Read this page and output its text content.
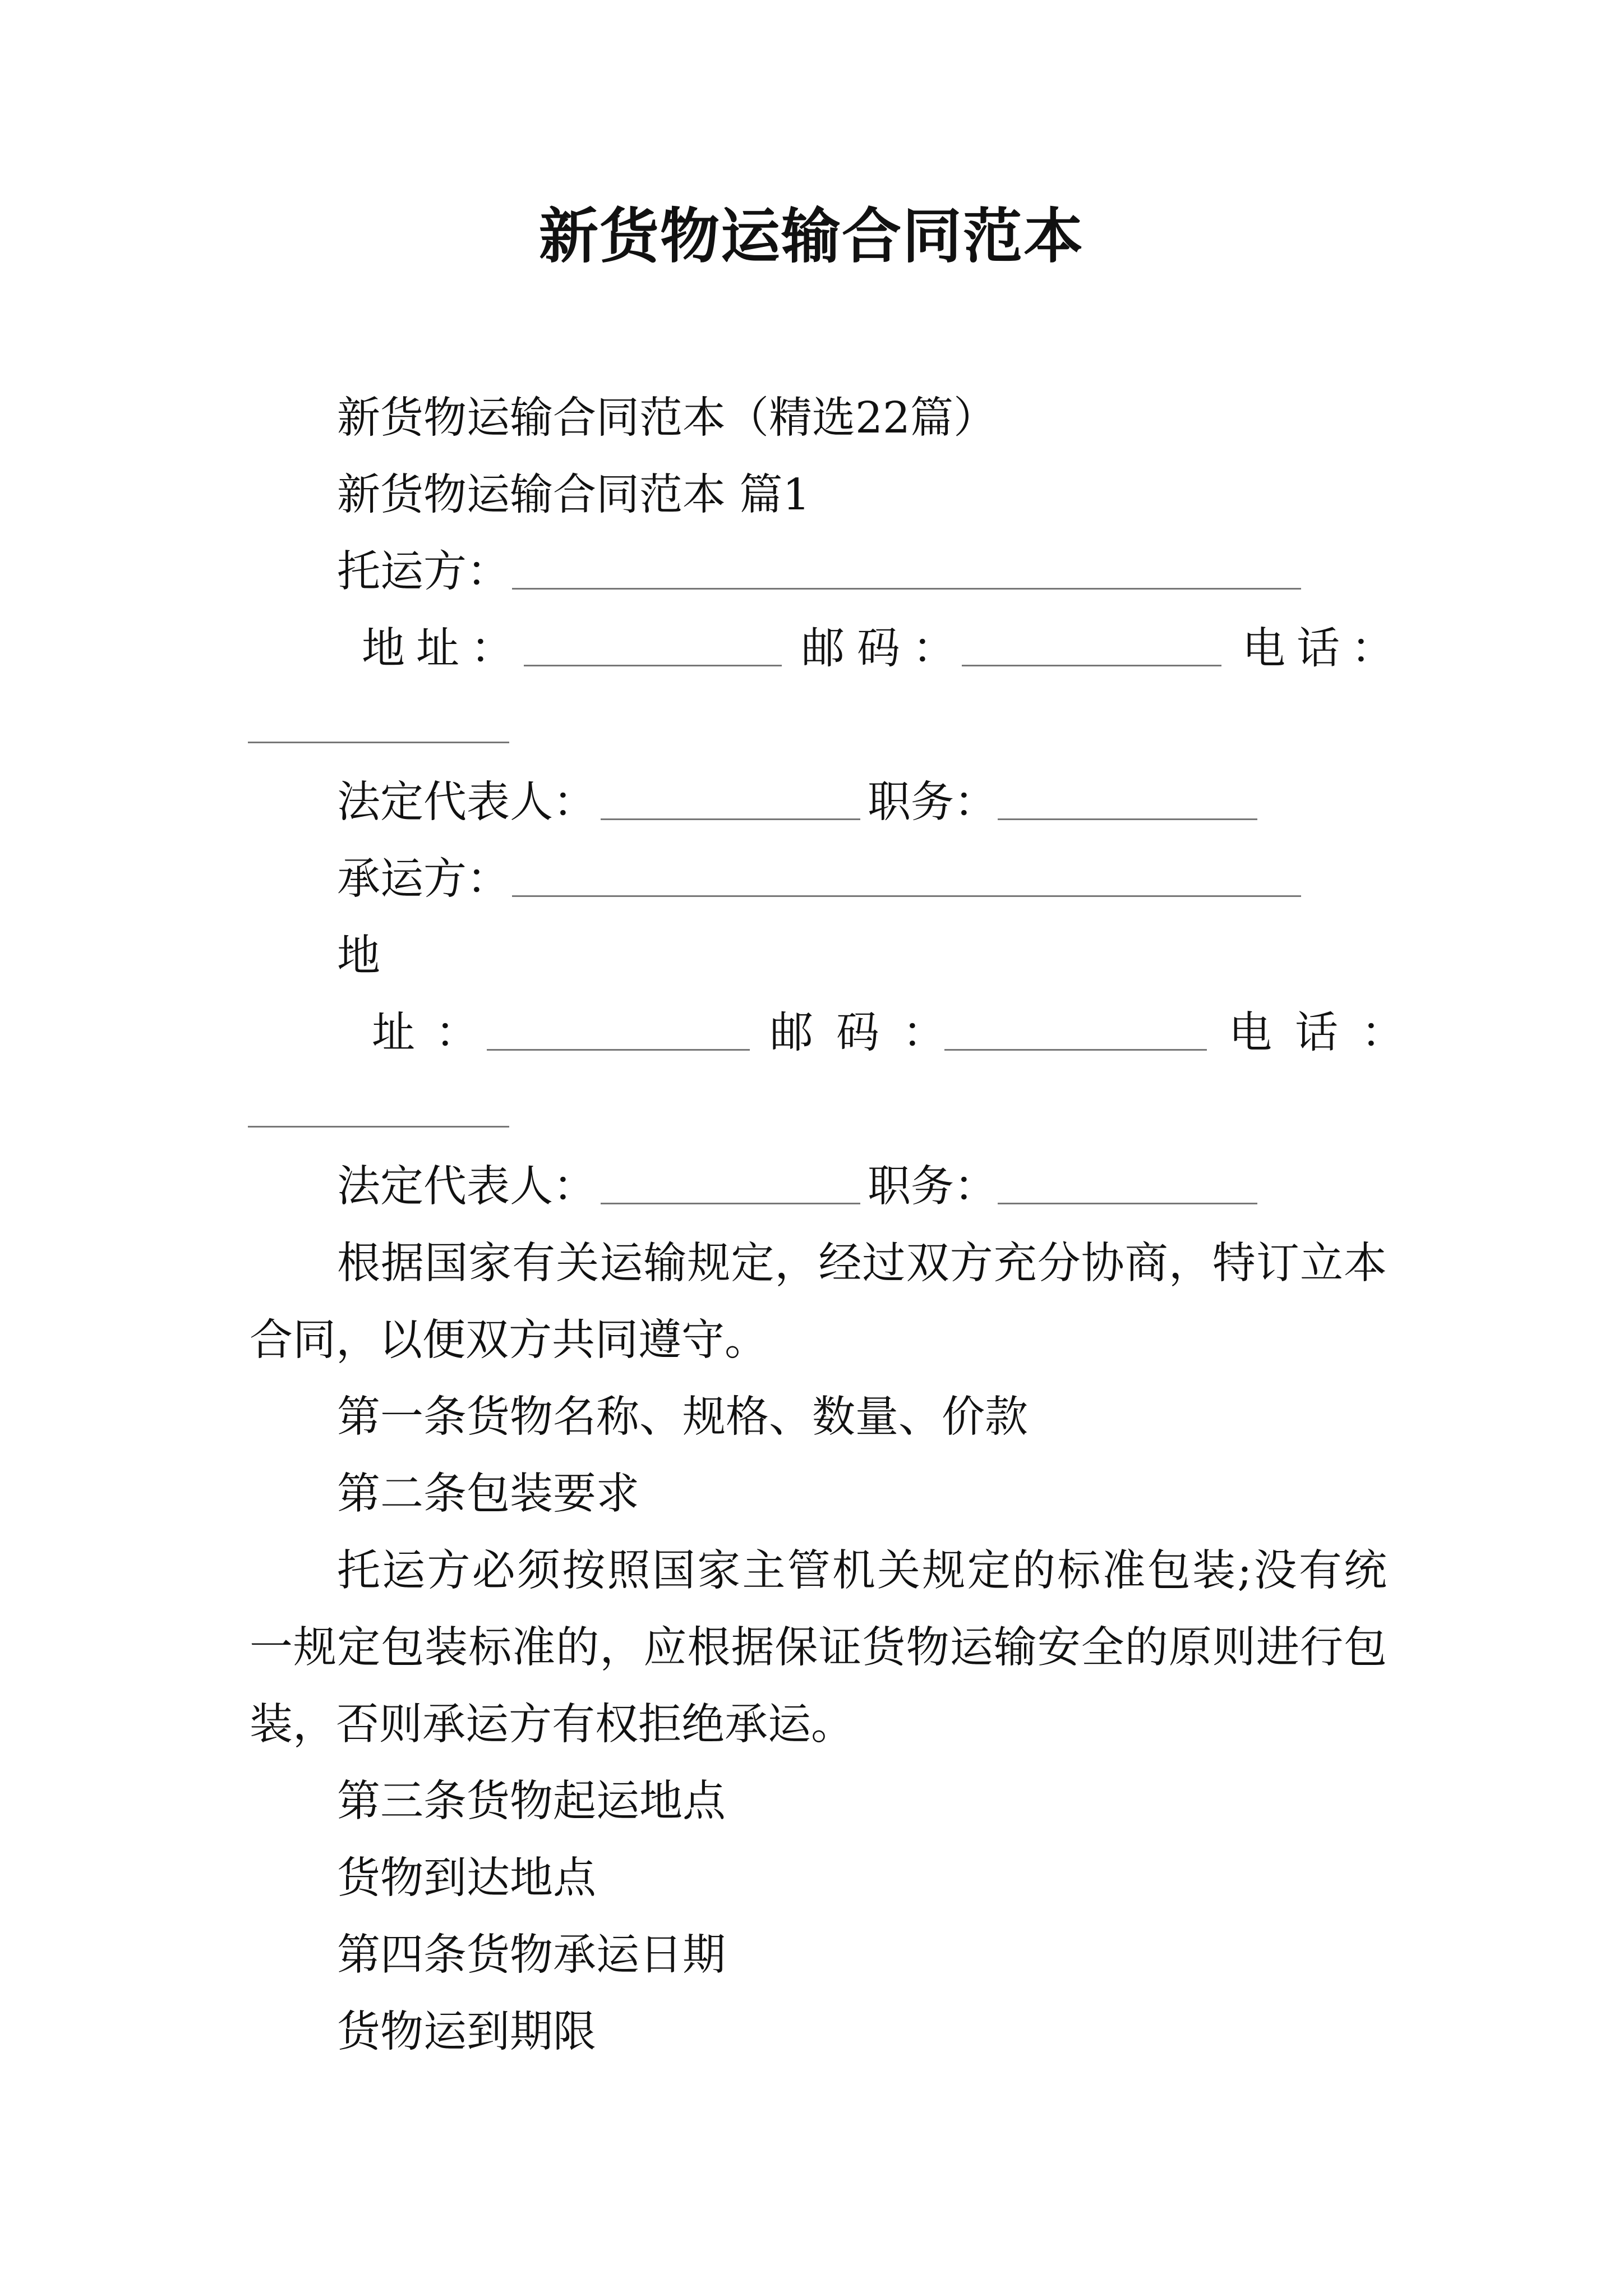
新货物运输合同范本
新货物运输合同范本（精选22篇）
新货物运输合同范本 篇1
托运方：
地址：	邮码：	电话：
法定代表人：	职务：
承运方：
地
址：	邮码：	电话：
法定代表人：	职务：
根据国家有关运输规定，经过双方充分协商，特订立本
合同，以便双方共同遵守。
第一条货物名称、规格、数量、价款
第二条包装要求
托运方必须按照国家主管机关规定的标准包装;没有统
一规定包装标准的，应根据保证货物运输安全的原则进行包
装，否则承运方有权拒绝承运。
第三条货物起运地点
货物到达地点
第四条货物承运日期
货物运到期限
